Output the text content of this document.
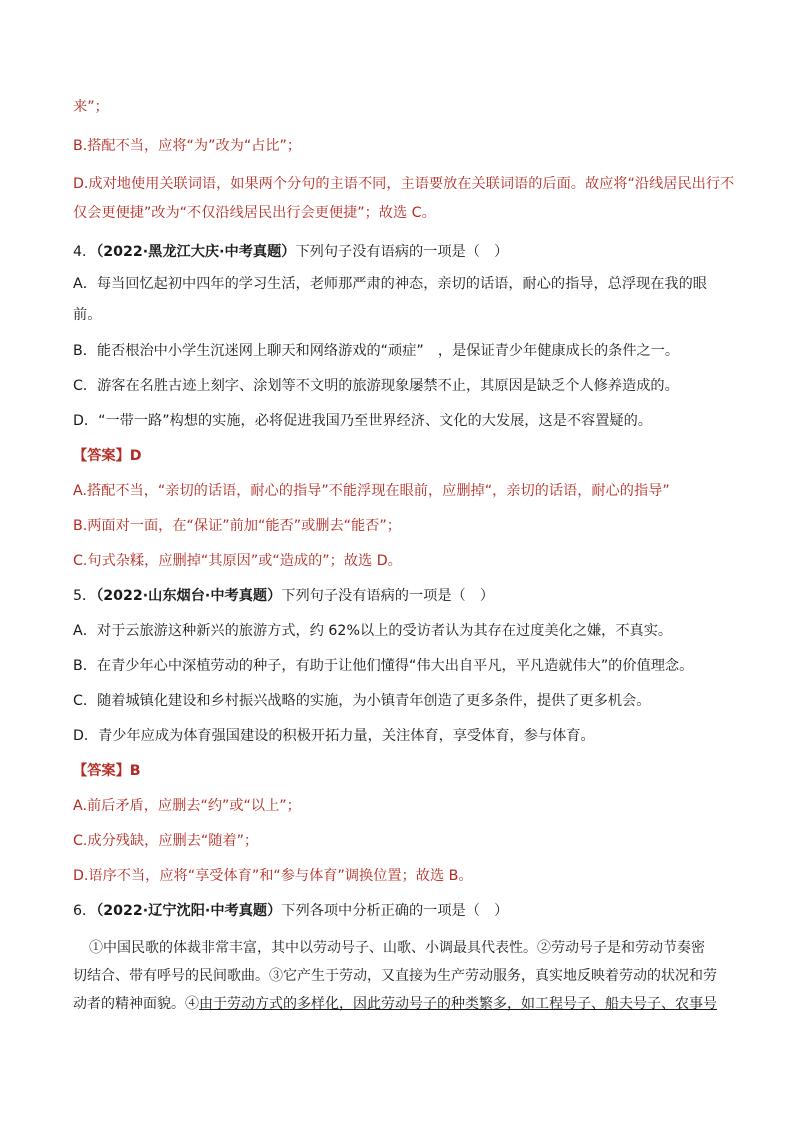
来”；
B.搭配不当，应将“为”改为“占比”；
D.成对地使用关联词语，如果两个分句的主语不同，主语要放在关联词语的后面。故应将“沿线居民出行不
仅会更便捷”改为“不仅沿线居民出行会更便捷”；故选 C。
4．（2022·黑龙江大庆·中考真题）下列句子没有语病的一项是（　）
A．每当回忆起初中四年的学习生活，老师那严肃的神态，亲切的话语，耐心的指导，总浮现在我的眼
前。
B．能否根治中小学生沉迷网上聊天和网络游戏的“顽症”　，是保证青少年健康成长的条件之一。
C．游客在名胜古迹上刻字、涂划等不文明的旅游现象屡禁不止，其原因是缺乏个人修养造成的。
D．“一带一路”构想的实施，必将促进我国乃至世界经济、文化的大发展，这是不容置疑的。
【答案】D
A.搭配不当，“亲切的话语，耐心的指导”不能浮现在眼前，应删掉“，亲切的话语，耐心的指导”
B.两面对一面，在“保证”前加“能否”或删去“能否”；
C.句式杂糅，应删掉“其原因”或“造成的”；故选 D。
5．（2022·山东烟台·中考真题）下列句子没有语病的一项是（　）
A．对于云旅游这种新兴的旅游方式，约 62%以上的受访者认为其存在过度美化之嫌，不真实。
B．在青少年心中深植劳动的种子，有助于让他们懂得“伟大出自平凡，平凡造就伟大”的价值理念。
C．随着城镇化建设和乡村振兴战略的实施，为小镇青年创造了更多条件，提供了更多机会。
D．青少年应成为体育强国建设的积极开拓力量，关注体育，享受体育，参与体育。
【答案】B
A.前后矛盾，应删去“约”或“以上”；
C.成分残缺，应删去“随着”；
D.语序不当，应将“享受体育”和“参与体育”调换位置；故选 B。
6．（2022·辽宁沈阳·中考真题）下列各项中分析正确的一项是（　）
①中国民歌的体裁非常丰富，其中以劳动号子、山歌、小调最具代表性。②劳动号子是和劳动节奏密
切结合、带有呼号的民间歌曲。③它产生于劳动，又直接为生产劳动服务，真实地反映着劳动的状况和劳
动者的精神面貌。④由于劳动方式的多样化，因此劳动号子的种类繁多，如工程号子、船夫号子、农事号
